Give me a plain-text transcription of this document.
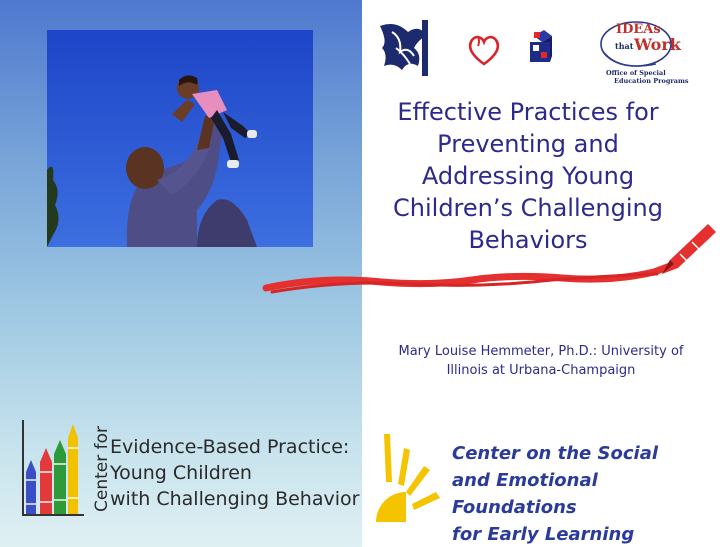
IDEAs
that Work
Office of Special
Education Programs
Effective Practices for Preventing and Addressing Young Children’s Challenging Behaviors
Mary Louise Hemmeter, Ph.D.: University of Illinois at Urbana-Champaign
Center for
Evidence-Based Practice:
Young Children
with Challenging Behavior
Center on the Social
and Emotional Foundations
for Early Learning
